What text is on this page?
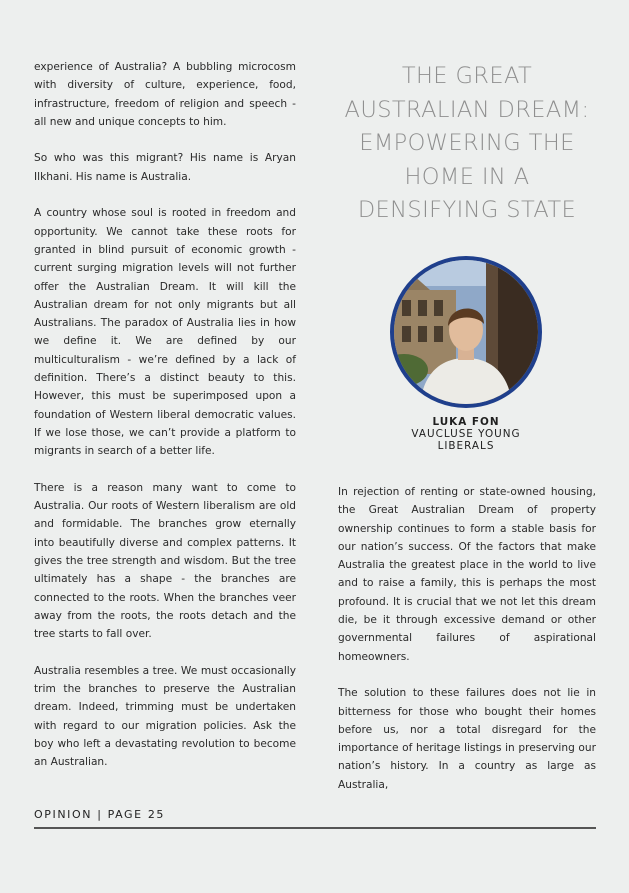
experience of Australia? A bubbling microcosm with diversity of culture, experience, food, infrastructure, freedom of religion and speech - all new and unique concepts to him.

So who was this migrant? His name is Aryan Ilkhani. His name is Australia.

A country whose soul is rooted in freedom and opportunity. We cannot take these roots for granted in blind pursuit of economic growth - current surging migration levels will not further offer the Australian Dream. It will kill the Australian dream for not only migrants but all Australians. The paradox of Australia lies in how we define it. We are defined by our multiculturalism - we’re defined by a lack of definition. There’s a distinct beauty to this. However, this must be superimposed upon a foundation of Western liberal democratic values. If we lose those, we can’t provide a platform to migrants in search of a better life.

There is a reason many want to come to Australia. Our roots of Western liberalism are old and formidable. The branches grow eternally into beautifully diverse and complex patterns. It gives the tree strength and wisdom. But the tree ultimately has a shape - the branches are connected to the roots. When the branches veer away from the roots, the roots detach and the tree starts to fall over.

Australia resembles a tree. We must occasionally trim the branches to preserve the Australian dream. Indeed, trimming must be undertaken with regard to our migration policies. Ask the boy who left a devastating revolution to become an Australian.

THE GREAT
AUSTRALIAN DREAM:
EMPOWERING THE
HOME IN A
DENSIFYING STATE
LUKA FON
VAUCLUSE YOUNG
LIBERALS

In rejection of renting or state-owned housing, the Great Australian Dream of property ownership continues to form a stable basis for our nation’s success. Of the factors that make Australia the greatest place in the world to live and to raise a family, this is perhaps the most profound. It is crucial that we not let this dream die, be it through excessive demand or other governmental failures of aspirational homeowners.

The solution to these failures does not lie in bitterness for those who bought their homes before us, nor a total disregard for the importance of heritage listings in preserving our nation’s history. In a country as large as Australia,

OPINION | PAGE 25
